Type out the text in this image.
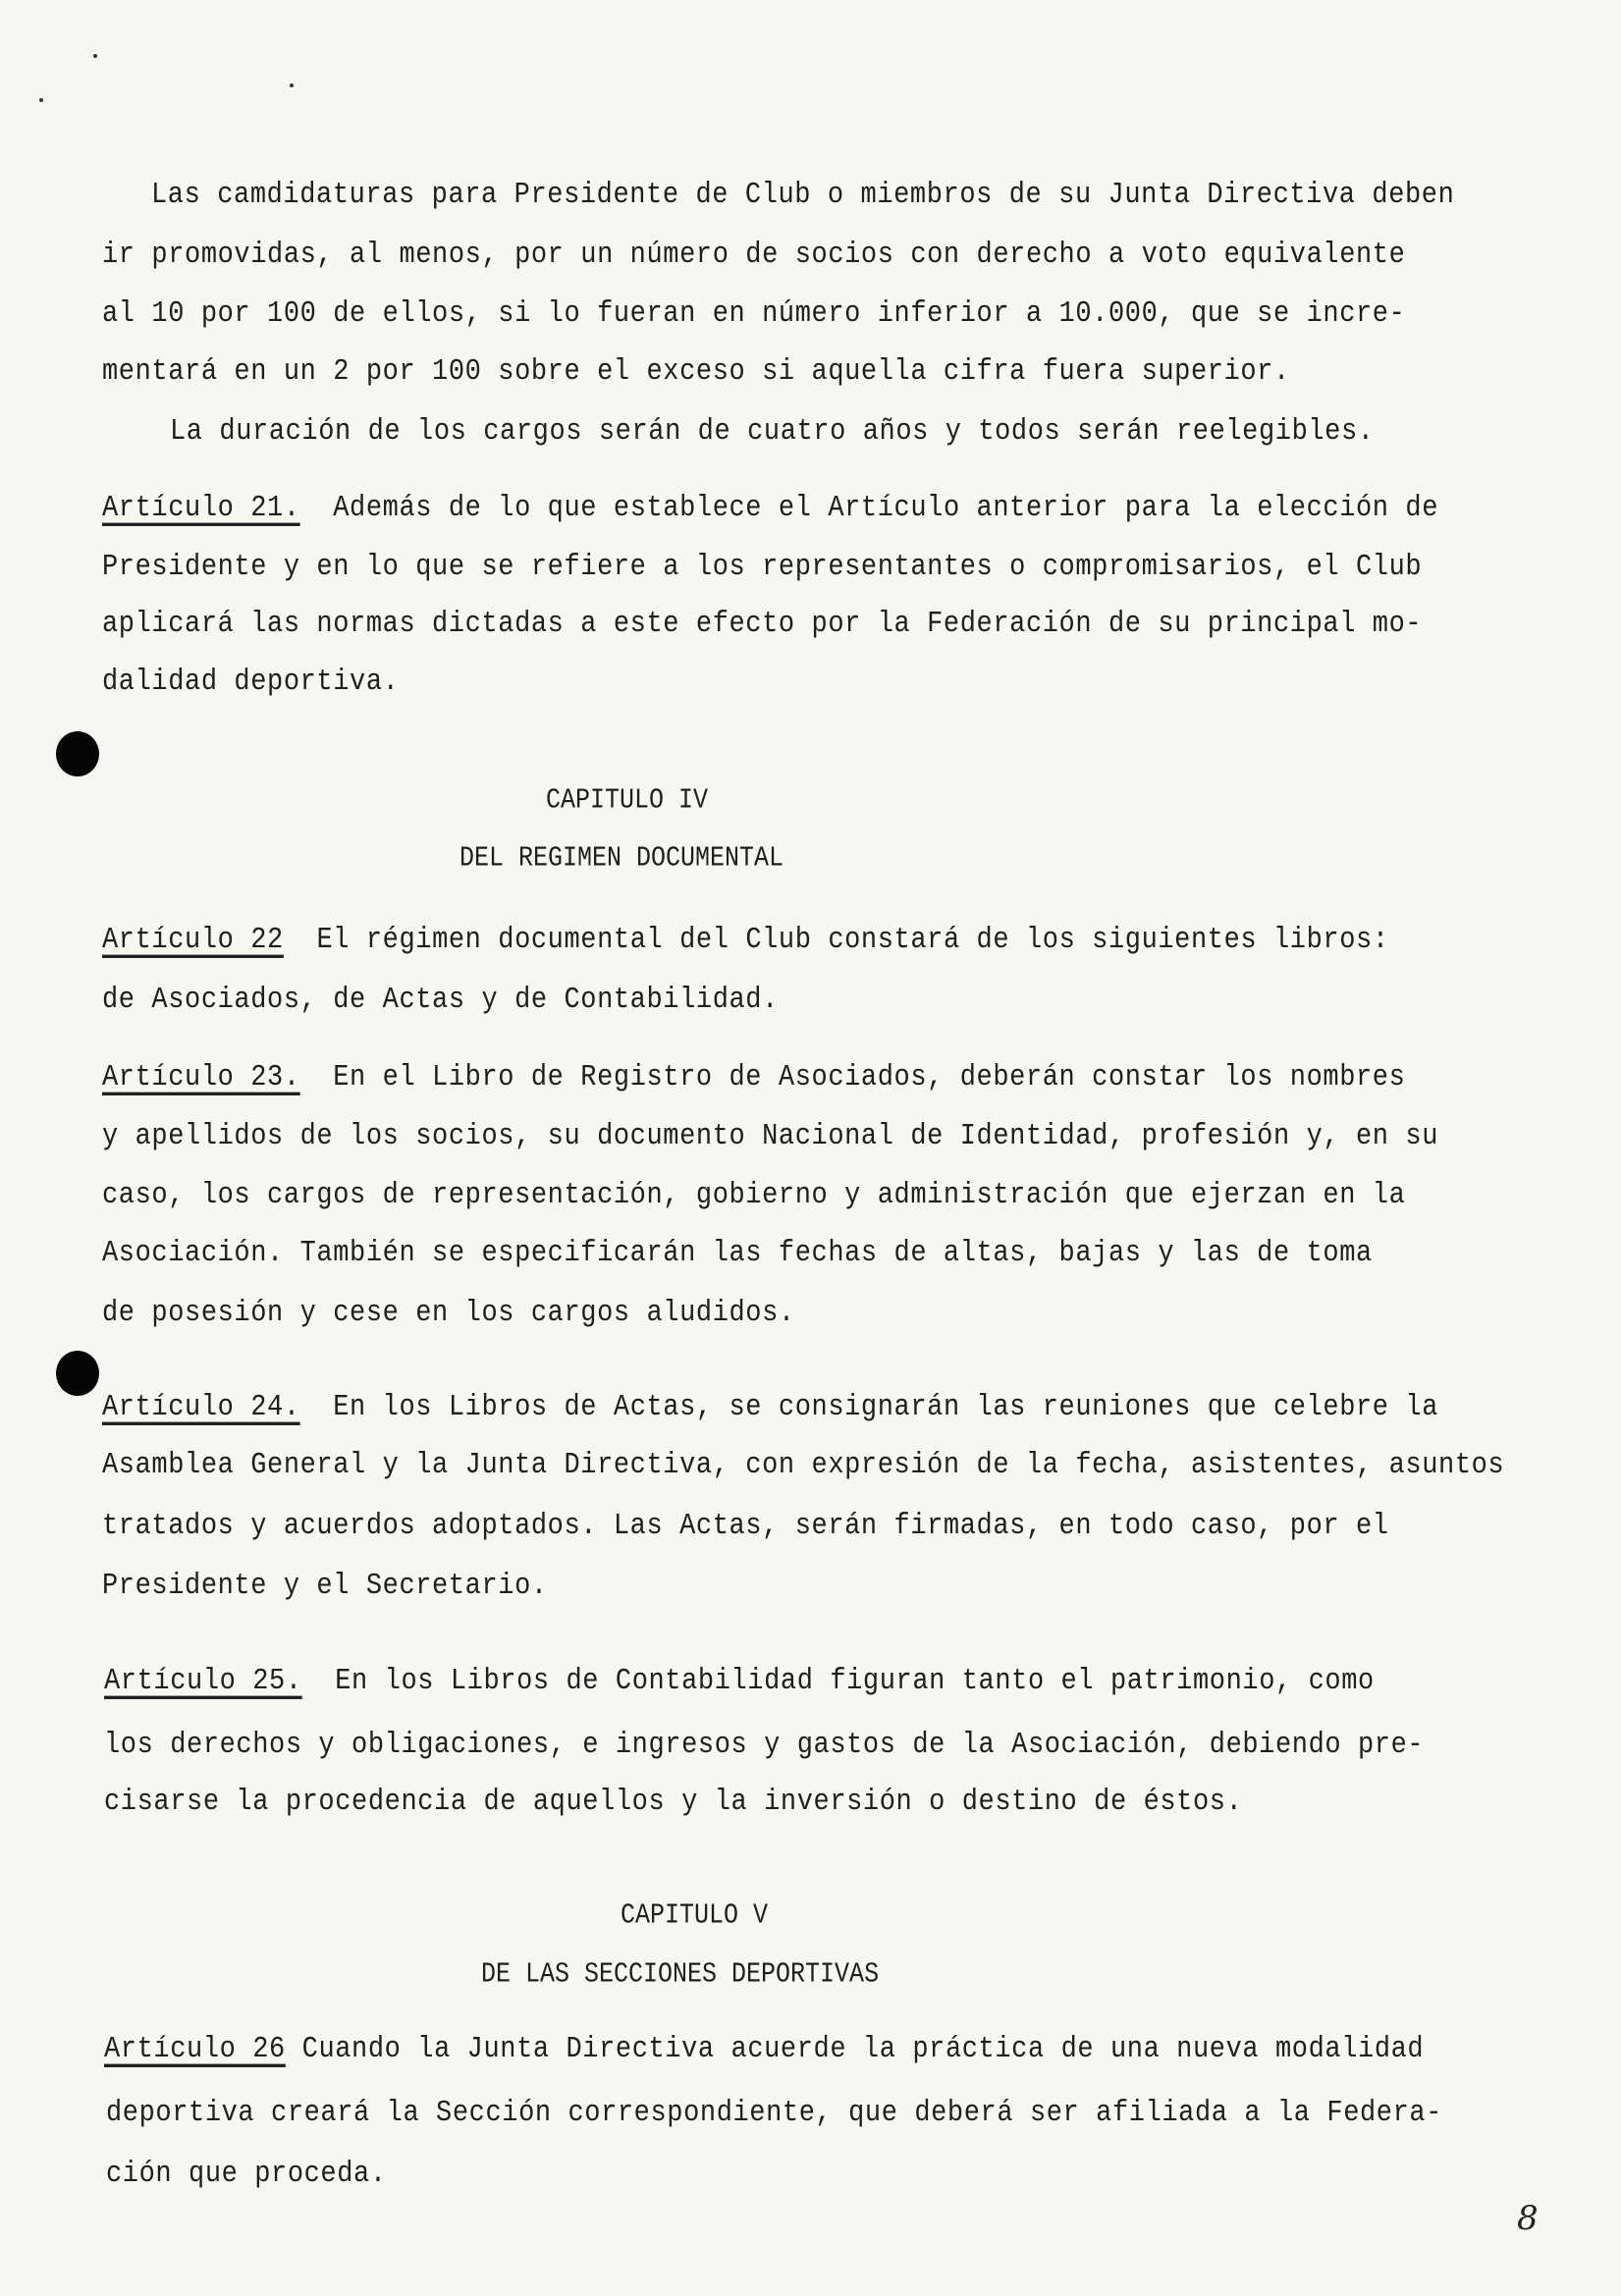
Las camdidaturas para Presidente de Club o miembros de su Junta Directiva deben
ir promovidas, al menos, por un número de socios con derecho a voto equivalente
al 10 por 100 de ellos, si lo fueran en número inferior a 10.000, que se incre-
mentará en un 2 por 100 sobre el exceso si aquella cifra fuera superior.
La duración de los cargos serán de cuatro años y todos serán reelegibles.
Artículo 21.  Además de lo que establece el Artículo anterior para la elección de
Presidente y en lo que se refiere a los representantes o compromisarios, el Club
aplicará las normas dictadas a este efecto por la Federación de su principal mo-
dalidad deportiva.
CAPITULO IV
DEL REGIMEN DOCUMENTAL
Artículo 22  El régimen documental del Club constará de los siguientes libros:
de Asociados, de Actas y de Contabilidad.
Artículo 23.  En el Libro de Registro de Asociados, deberán constar los nombres
y apellidos de los socios, su documento Nacional de Identidad, profesión y, en su
caso, los cargos de representación, gobierno y administración que ejerzan en la
Asociación. También se especificarán las fechas de altas, bajas y las de toma
de posesión y cese en los cargos aludidos.
Artículo 24.  En los Libros de Actas, se consignarán las reuniones que celebre la
Asamblea General y la Junta Directiva, con expresión de la fecha, asistentes, asuntos
tratados y acuerdos adoptados. Las Actas, serán firmadas, en todo caso, por el
Presidente y el Secretario.
Artículo 25.  En los Libros de Contabilidad figuran tanto el patrimonio, como
los derechos y obligaciones, e ingresos y gastos de la Asociación, debiendo pre-
cisarse la procedencia de aquellos y la inversión o destino de éstos.
CAPITULO V
DE LAS SECCIONES DEPORTIVAS
Artículo 26 Cuando la Junta Directiva acuerde la práctica de una nueva modalidad
deportiva creará la Sección correspondiente, que deberá ser afiliada a la Federa-
ción que proceda.
8
